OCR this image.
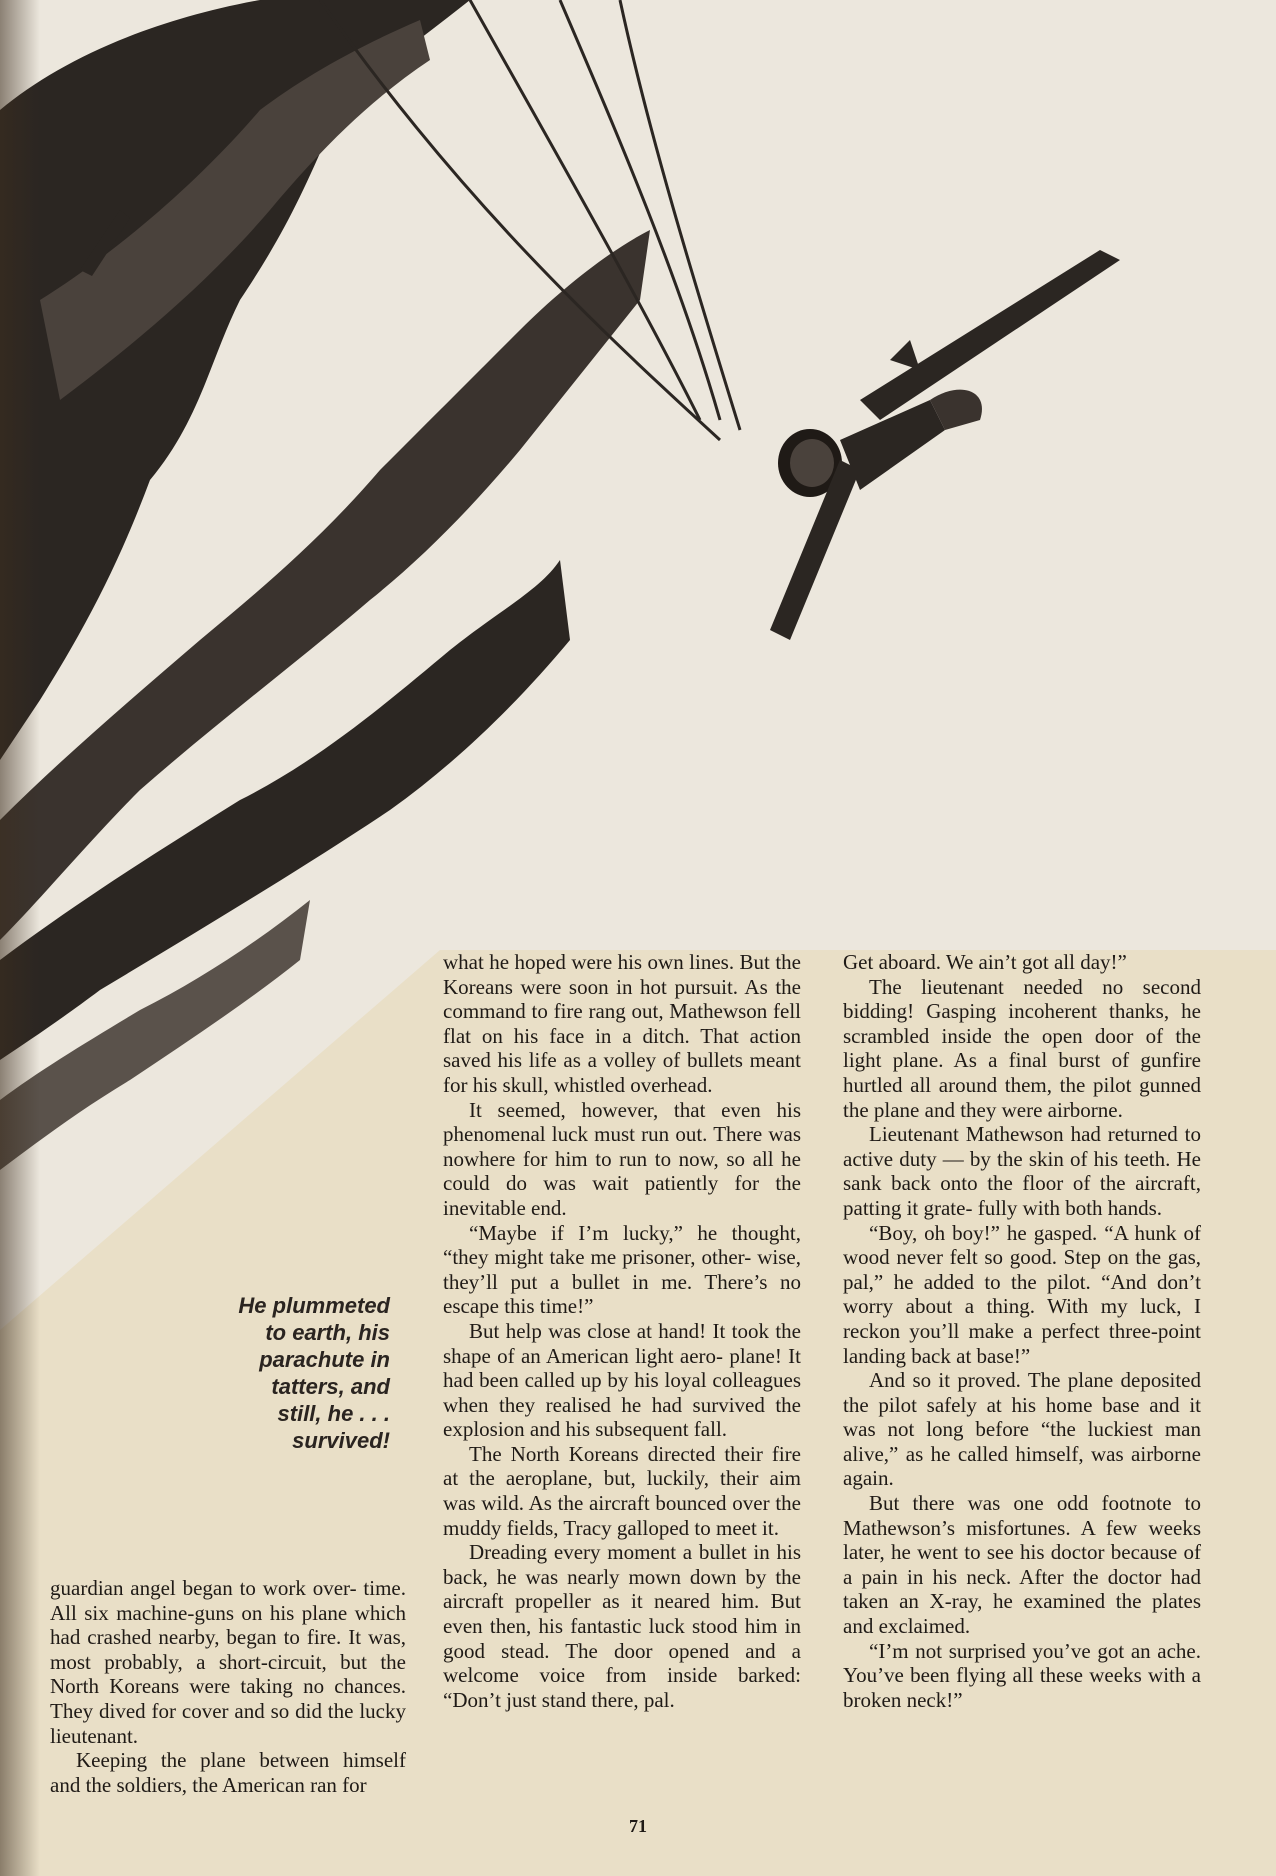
He plummeted
to earth, his
parachute in
tatters, and
still, he . . .
survived!

guardian angel began to work over- time. All six machine-guns on his plane which had crashed nearby, began to fire. It was, most probably, a short-circuit, but the North Koreans were taking no chances. They dived for cover and so did the lucky lieutenant.

Keeping the plane between himself and the soldiers, the American ran for

what he hoped were his own lines. But the Koreans were soon in hot pursuit. As the command to fire rang out, Mathewson fell flat on his face in a ditch. That action saved his life as a volley of bullets meant for his skull, whistled overhead.

It seemed, however, that even his phenomenal luck must run out. There was nowhere for him to run to now, so all he could do was wait patiently for the inevitable end.

“Maybe if I’m lucky,” he thought, “they might take me prisoner, other- wise, they’ll put a bullet in me. There’s no escape this time!”

But help was close at hand! It took the shape of an American light aero- plane! It had been called up by his loyal colleagues when they realised he had survived the explosion and his subsequent fall.

The North Koreans directed their fire at the aeroplane, but, luckily, their aim was wild. As the aircraft bounced over the muddy fields, Tracy galloped to meet it.

Dreading every moment a bullet in his back, he was nearly mown down by the aircraft propeller as it neared him. But even then, his fantastic luck stood him in good stead. The door opened and a welcome voice from inside barked: “Don’t just stand there, pal.

Get aboard. We ain’t got all day!”

The lieutenant needed no second bidding! Gasping incoherent thanks, he scrambled inside the open door of the light plane. As a final burst of gunfire hurtled all around them, the pilot gunned the plane and they were airborne.

Lieutenant Mathewson had returned to active duty — by the skin of his teeth. He sank back onto the floor of the aircraft, patting it grate- fully with both hands.

“Boy, oh boy!” he gasped. “A hunk of wood never felt so good. Step on the gas, pal,” he added to the pilot. “And don’t worry about a thing. With my luck, I reckon you’ll make a perfect three-point landing back at base!”

And so it proved. The plane deposited the pilot safely at his home base and it was not long before “the luckiest man alive,” as he called himself, was airborne again.

But there was one odd footnote to Mathewson’s misfortunes. A few weeks later, he went to see his doctor because of a pain in his neck. After the doctor had taken an X-ray, he examined the plates and exclaimed.

“I’m not surprised you’ve got an ache. You’ve been flying all these weeks with a broken neck!”

71
